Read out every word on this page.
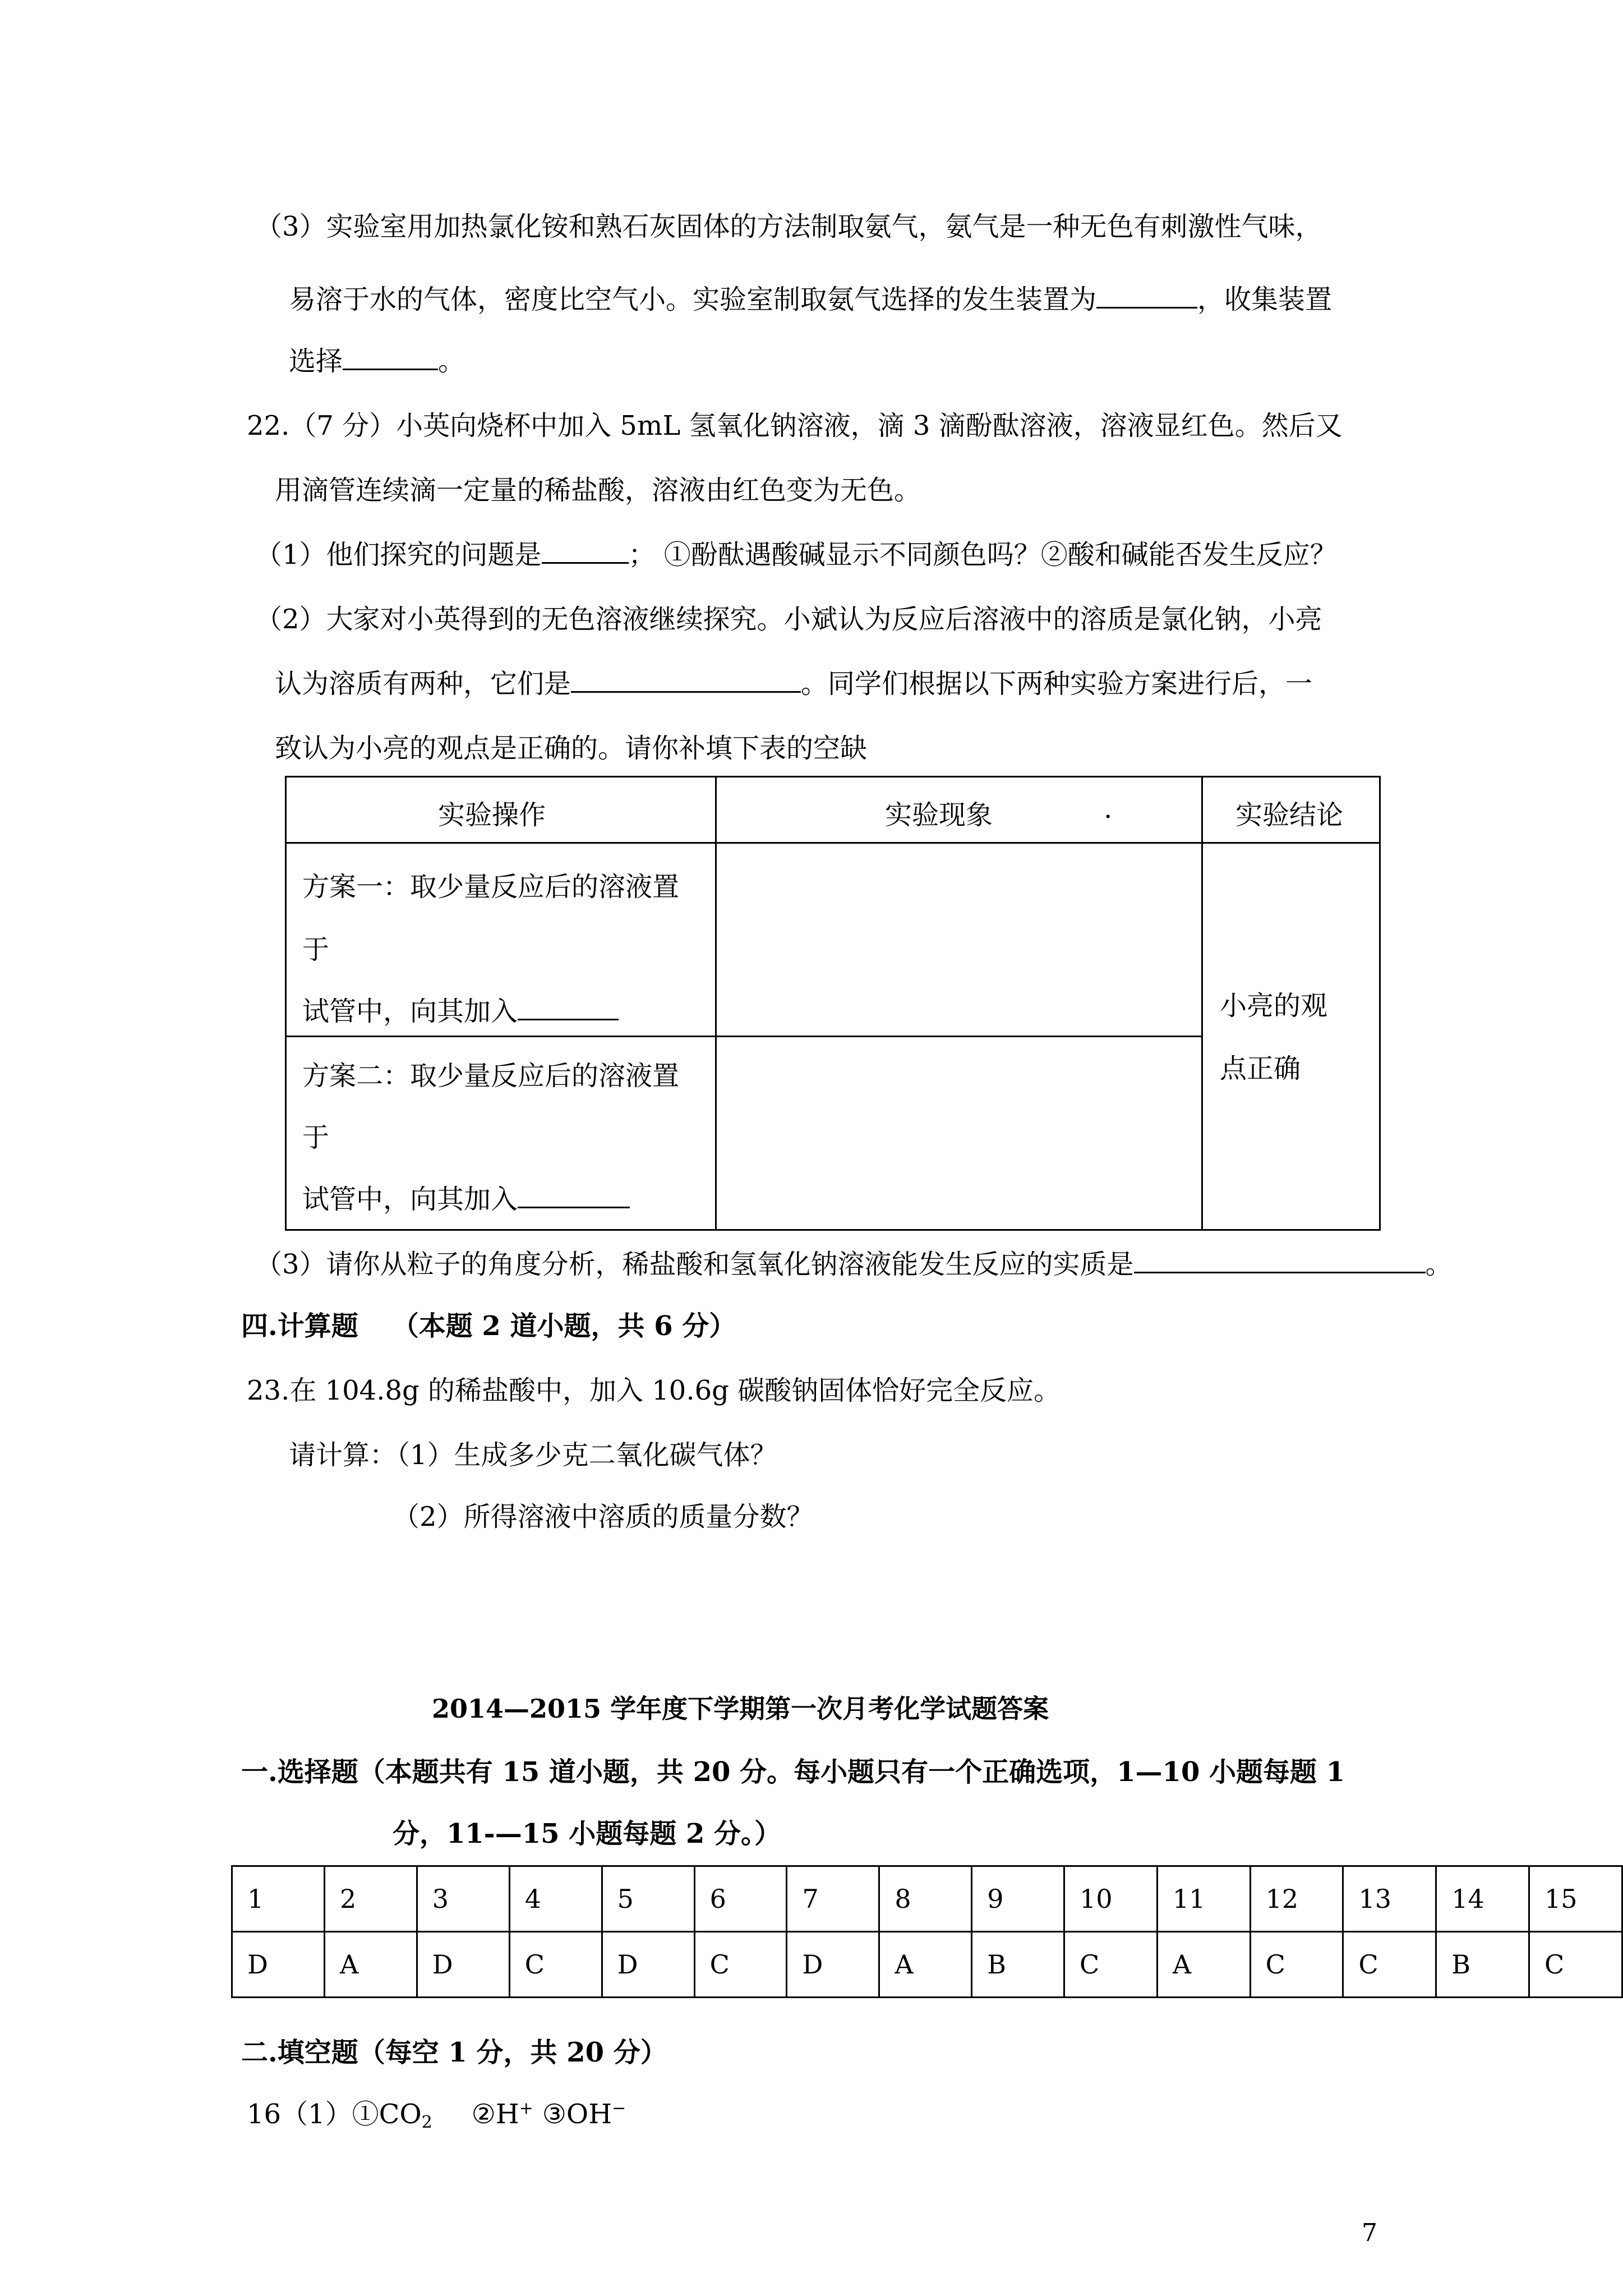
（3）实验室用加热氯化铵和熟石灰固体的方法制取氨气，氨气是一种无色有刺激性气味，
易溶于水的气体，密度比空气小。实验室制取氨气选择的发生装置为	，收集装置
选择	。
22.（7 分）小英向烧杯中加入 5mL 氢氧化钠溶液，滴 3 滴酚酞溶液，溶液显红色。然后又
用滴管连续滴一定量的稀盐酸，溶液由红色变为无色。
（1）他们探究的问题是	； ①酚酞遇酸碱显示不同颜色吗？②酸和碱能否发生反应？
（2）大家对小英得到的无色溶液继续探究。小斌认为反应后溶液中的溶质是氯化钠，小亮
认为溶质有两种，它们是	。同学们根据以下两种实验方案进行后，一
致认为小亮的观点是正确的。请你补填下表的空缺
实验操作	实验现象 .	实验结论

方案一：取少量反应后的溶液置
于
试管中，向其加入		小亮的观
点正确

方案二：取少量反应后的溶液置
于
试管中，向其加入		

（3）请你从粒子的角度分析，稀盐酸和氢氧化钠溶液能发生反应的实质是	。
四.计算题 （本题 2 道小题，共 6 分）
23.在 104.8g 的稀盐酸中，加入 10.6g 碳酸钠固体恰好完全反应。
请计算：（1）生成多少克二氧化碳气体？
（2）所得溶液中溶质的质量分数？
2014—2015 学年度下学期第一次月考化学试题答案
一.选择题（本题共有 15 道小题，共 20 分。每小题只有一个正确选项，1—10 小题每题 1
分，11-—15 小题每题 2 分。）
1	2	3	4	5	6	7	8	9	10	11	12	13	14	15
D	A	D	C	D	C	D	A	B	C	A	C	C	B	C
二.填空题（每空 1 分，共 20 分）
$16(1)①CO_2$ ②H+ ③OH−
7
